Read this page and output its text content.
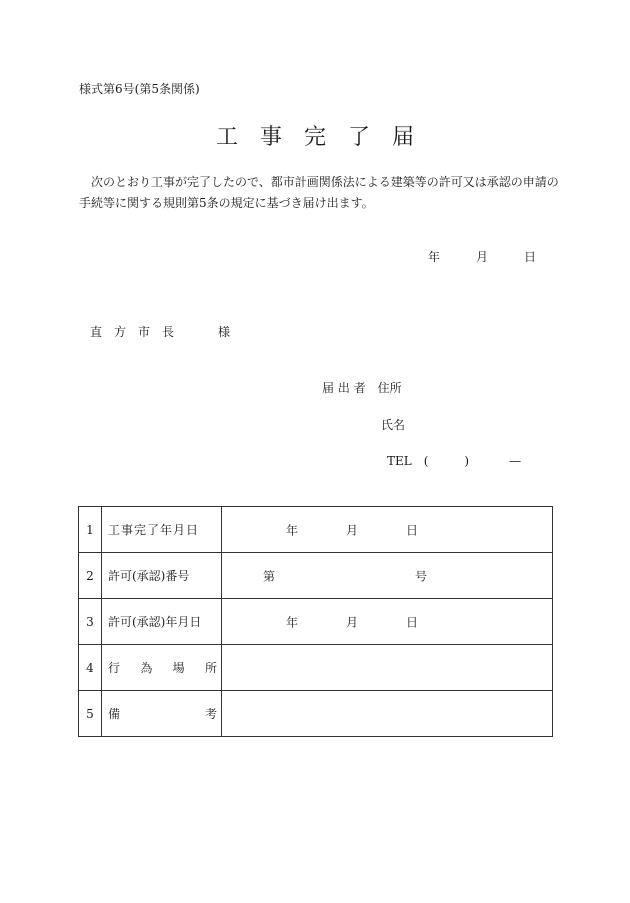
様式第6号(第5条関係)
工 事 完 了 届
次のとおり工事が完了したので、都市計画関係法による建築等の許可又は承認の申請の
手続等に関する規則第5条の規定に基づき届け出ます。
年	月	日
直　方　市　長	様
届 出 者 住所
氏名
TEL (	)	—
1	工事完了年月日	年 月 日

2	許可(承認)番号	第 号

3	許可(承認)年月日	年 月 日

4	行 為 場 所	

5	備 考	
